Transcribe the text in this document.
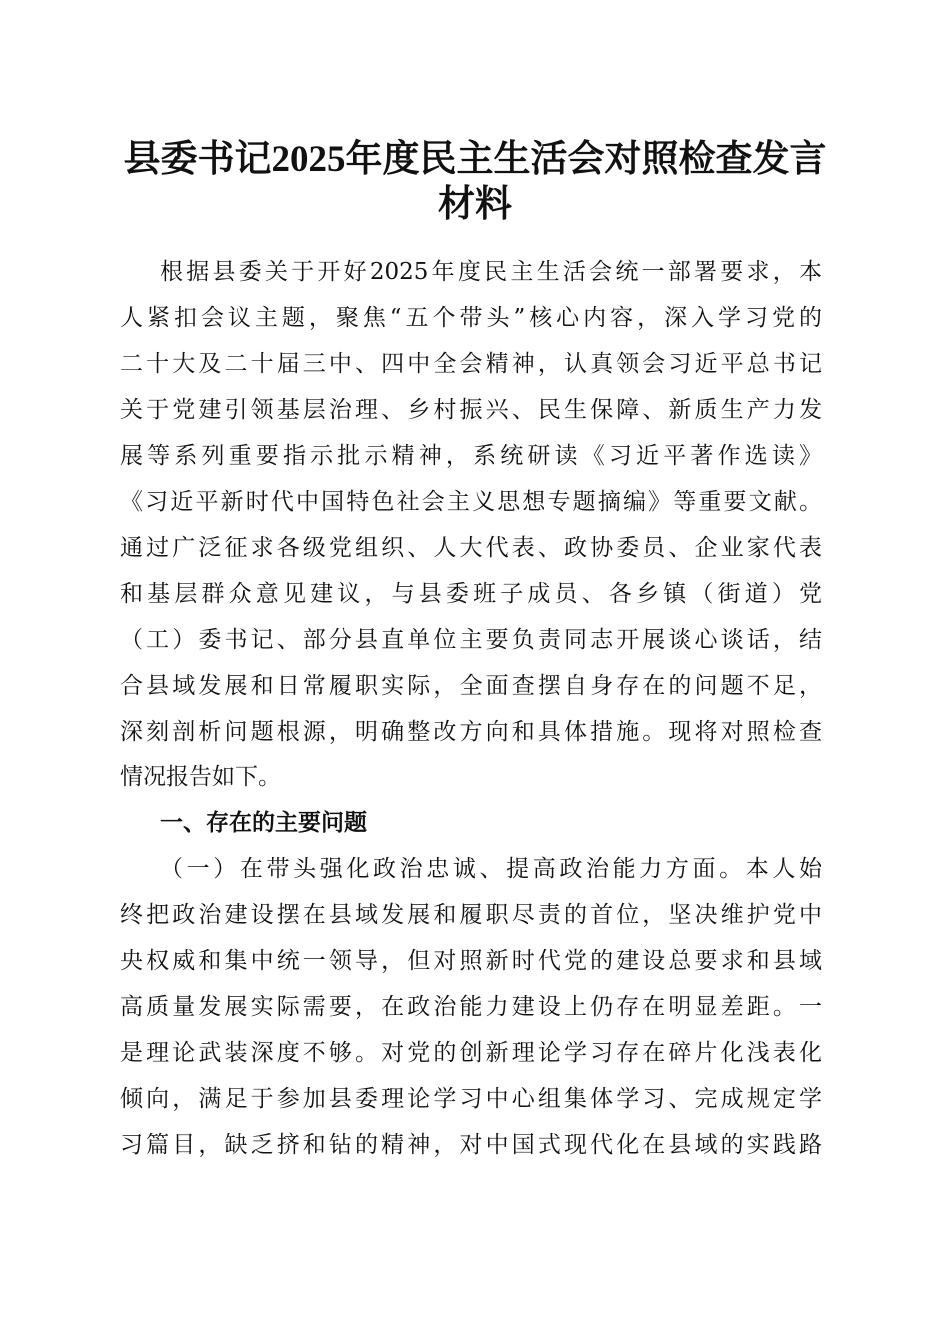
县委书记2025年度民主生活会对照检查发言
材料
根据县委关于开好2025年度民主生活会统一部署要求，本
人紧扣会议主题，聚焦“五个带头”核心内容，深入学习党的
二十大及二十届三中、四中全会精神，认真领会习近平总书记
关于党建引领基层治理、乡村振兴、民生保障、新质生产力发
展等系列重要指示批示精神，系统研读《习近平著作选读》
《习近平新时代中国特色社会主义思想专题摘编》等重要文献。
通过广泛征求各级党组织、人大代表、政协委员、企业家代表
和基层群众意见建议，与县委班子成员、各乡镇（街道）党
（工）委书记、部分县直单位主要负责同志开展谈心谈话，结
合县域发展和日常履职实际，全面查摆自身存在的问题不足，
深刻剖析问题根源，明确整改方向和具体措施。现将对照检查
情况报告如下。
一、存在的主要问题
（一）在带头强化政治忠诚、提高政治能力方面。本人始
终把政治建设摆在县域发展和履职尽责的首位，坚决维护党中
央权威和集中统一领导，但对照新时代党的建设总要求和县域
高质量发展实际需要，在政治能力建设上仍存在明显差距。一
是理论武装深度不够。对党的创新理论学习存在碎片化浅表化
倾向，满足于参加县委理论学习中心组集体学习、完成规定学
习篇目，缺乏挤和钻的精神，对中国式现代化在县域的实践路
